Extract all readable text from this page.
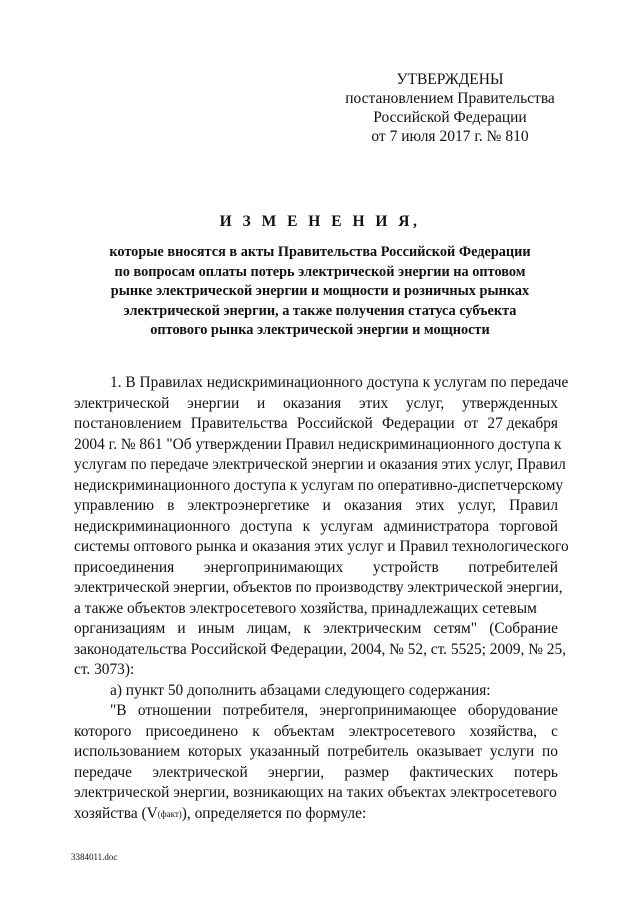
УТВЕРЖДЕНЫ
постановлением Правительства
Российской Федерации
от 7 июля 2017 г. № 810
И З М Е Н Е Н И Я,
которые вносятся в акты Правительства Российской Федерации
по вопросам оплаты потерь электрической энергии на оптовом
рынке электрической энергии и мощности и розничных рынках
электрической энергии, а также получения статуса субъекта
оптового рынка электрической энергии и мощности
1. В Правилах недискриминационного доступа к услугам по передаче
электрической энергии и оказания этих услуг, утвержденных
постановлением Правительства Российской Федерации от 27 декабря
2004 г. № 861 "Об утверждении Правил недискриминационного доступа к
услугам по передаче электрической энергии и оказания этих услуг, Правил
недискриминационного доступа к услугам по оперативно-диспетчерскому
управлению в электроэнергетике и оказания этих услуг, Правил
недискриминационного доступа к услугам администратора торговой
системы оптового рынка и оказания этих услуг и Правил технологического
присоединения энергопринимающих устройств потребителей
электрической энергии, объектов по производству электрической энергии,
а также объектов электросетевого хозяйства, принадлежащих сетевым
организациям и иным лицам, к электрическим сетям" (Собрание
законодательства Российской Федерации, 2004, № 52, ст. 5525; 2009, № 25,
ст. 3073):
а) пункт 50 дополнить абзацами следующего содержания:
"В отношении потребителя, энергопринимающее оборудование
которого присоединено к объектам электросетевого хозяйства, с
использованием которых указанный потребитель оказывает услуги по
передаче электрической энергии, размер фактических потерь
электрической энергии, возникающих на таких объектах электросетевого
хозяйства (V (факт) ), определяется по формуле:
3384011.doc
